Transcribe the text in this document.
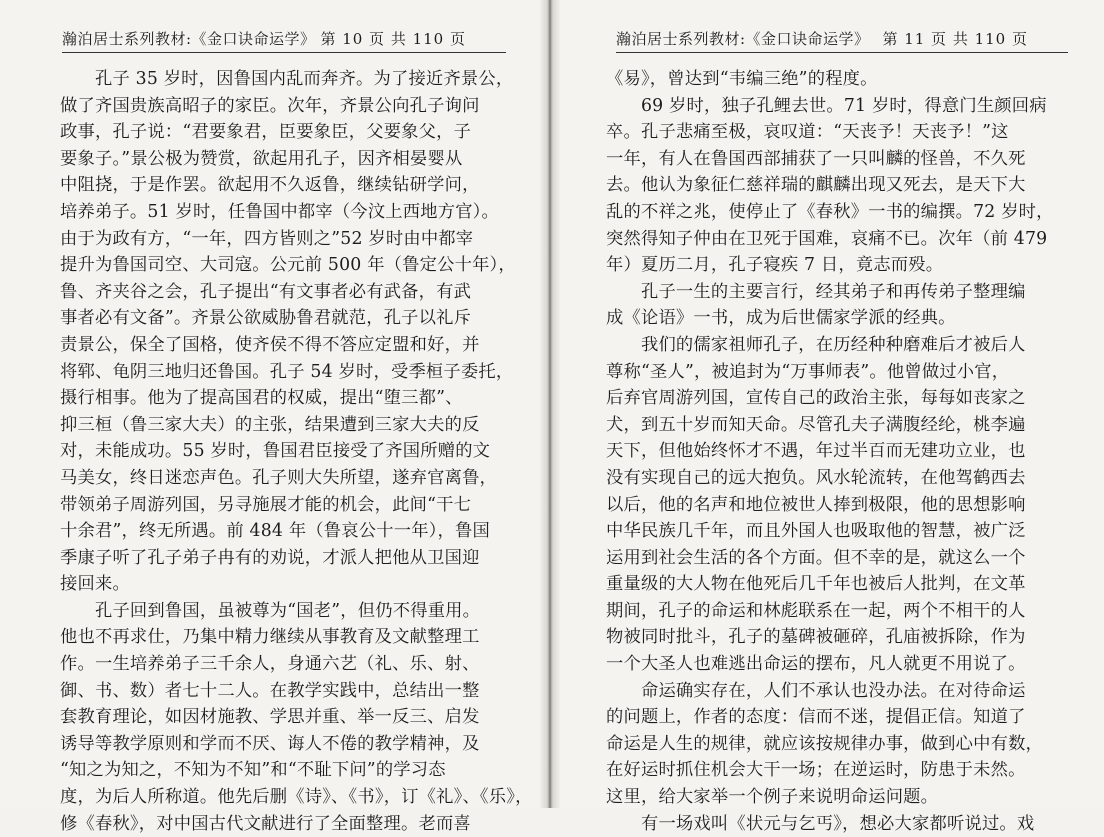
瀚泊居士系列教材:《金口诀命运学》 第 10 页 共 110 页
　　孔子 35 岁时，因鲁国内乱而奔齐。为了接近齐景公，
做了齐国贵族高昭子的家臣。次年，齐景公向孔子询问
政事，孔子说：“君要象君，臣要象臣，父要象父，子
要象子。”景公极为赞赏，欲起用孔子，因齐相晏婴从
中阻挠，于是作罢。欲起用不久返鲁，继续钻研学问，
培养弟子。51 岁时，任鲁国中都宰（今汶上西地方官）。
由于为政有方，“一年，四方皆则之”52 岁时由中都宰
提升为鲁国司空、大司寇。公元前 500 年（鲁定公十年），
鲁、齐夹谷之会，孔子提出“有文事者必有武备，有武
事者必有文备”。齐景公欲威胁鲁君就范，孔子以礼斥
责景公，保全了国格，使齐侯不得不答应定盟和好，并
将郓、龟阴三地归还鲁国。孔子 54 岁时，受季桓子委托，
摄行相事。他为了提高国君的权威，提出“堕三都”、
抑三桓（鲁三家大夫）的主张，结果遭到三家大夫的反
对，未能成功。55 岁时，鲁国君臣接受了齐国所赠的文
马美女，终日迷恋声色。孔子则大失所望，遂弃官离鲁，
带领弟子周游列国，另寻施展才能的机会，此间“干七
十余君”，终无所遇。前 484 年（鲁哀公十一年），鲁国
季康子听了孔子弟子冉有的劝说，才派人把他从卫国迎
接回来。
　　孔子回到鲁国，虽被尊为“国老”，但仍不得重用。
他也不再求仕，乃集中精力继续从事教育及文献整理工
作。一生培养弟子三千余人，身通六艺（礼、乐、射、
御、书、数）者七十二人。在教学实践中，总结出一整
套教育理论，如因材施教、学思并重、举一反三、启发
诱导等教学原则和学而不厌、诲人不倦的教学精神，及
“知之为知之，不知为不知”和“不耻下问”的学习态
度，为后人所称道。他先后删《诗》、《书》，订《礼》、《乐》，
修《春秋》，对中国古代文献进行了全面整理。老而喜
瀚泊居士系列教材:《金口诀命运学》 第 11 页 共 110 页
《易》，曾达到“韦编三绝”的程度。
　　69 岁时，独子孔鲤去世。71 岁时，得意门生颜回病
卒。孔子悲痛至极，哀叹道：“天丧予！天丧予！”这
一年，有人在鲁国西部捕获了一只叫麟的怪兽，不久死
去。他认为象征仁慈祥瑞的麒麟出现又死去，是天下大
乱的不祥之兆，使停止了《春秋》一书的编撰。72 岁时，
突然得知子仲由在卫死于国难，哀痛不已。次年（前 479
年）夏历二月，孔子寝疾 7 日，竟志而殁。
　　孔子一生的主要言行，经其弟子和再传弟子整理编
成《论语》一书，成为后世儒家学派的经典。
　　我们的儒家祖师孔子，在历经种种磨难后才被后人
尊称“圣人”，被追封为“万事师表”。他曾做过小官，
后弃官周游列国，宣传自己的政治主张，每每如丧家之
犬，到五十岁而知天命。尽管孔夫子满腹经纶，桃李遍
天下，但他始终怀才不遇，年过半百而无建功立业，也
没有实现自己的远大抱负。风水轮流转，在他驾鹤西去
以后，他的名声和地位被世人捧到极限，他的思想影响
中华民族几千年，而且外国人也吸取他的智慧，被广泛
运用到社会生活的各个方面。但不幸的是，就这么一个
重量级的大人物在他死后几千年也被后人批判，在文革
期间，孔子的命运和林彪联系在一起，两个不相干的人
物被同时批斗，孔子的墓碑被砸碎，孔庙被拆除，作为
一个大圣人也难逃出命运的摆布，凡人就更不用说了。
　　命运确实存在，人们不承认也没办法。在对待命运
的问题上，作者的态度：信而不迷，提倡正信。知道了
命运是人生的规律，就应该按规律办事，做到心中有数，
在好运时抓住机会大干一场；在逆运时，防患于未然。
这里，给大家举一个例子来说明命运问题。
　　有一场戏叫《状元与乞丐》，想必大家都听说过。戏
